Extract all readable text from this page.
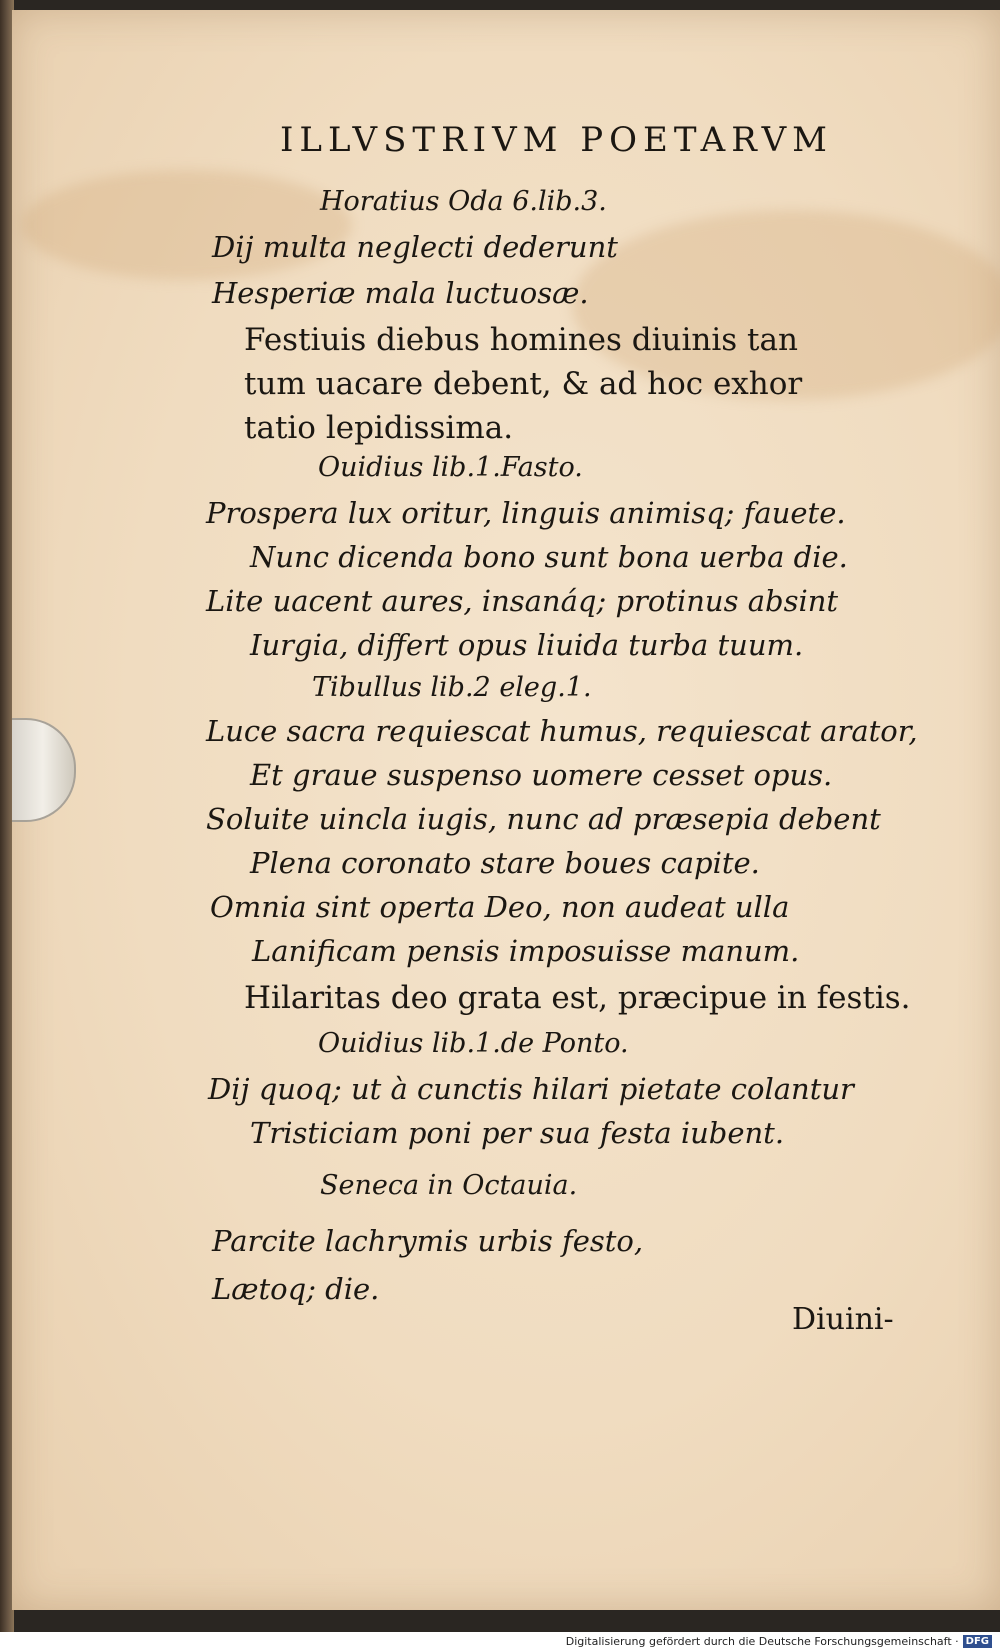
ILLVSTRIVM POETARVM
Horatius Oda 6.lib.3.
Dij multa neglecti dederunt
Hesperiæ mala luctuosæ.
Festiuis diebus homines diuinis tan
tum uacare debent, & ad hoc exhor
tatio lepidissima.
Ouidius lib.1.Fasto.
Prospera lux oritur, linguis animisq; fauete.
Nunc dicenda bono sunt bona uerba die.
Lite uacent aures, insanáq; protinus absint
Iurgia, differt opus liuida turba tuum.
Tibullus lib.2 eleg.1.
Luce sacra requiescat humus, requiescat arator,
Et graue suspenso uomere cesset opus.
Soluite uincla iugis, nunc ad præsepia debent
Plena coronato stare boues capite.
Omnia sint operta Deo, non audeat ulla
Lanificam pensis imposuisse manum.
Hilaritas deo grata est, præcipue in festis.
Ouidius lib.1.de Ponto.
Dij quoq; ut à cunctis hilari pietate colantur
Tristiciam poni per sua festa iubent.
Seneca in Octauia.
Parcite lachrymis urbis festo,
Lætoq; die.
Diuini-
Digitalisierung gefördert durch die Deutsche Forschungsgemeinschaft · DFG
